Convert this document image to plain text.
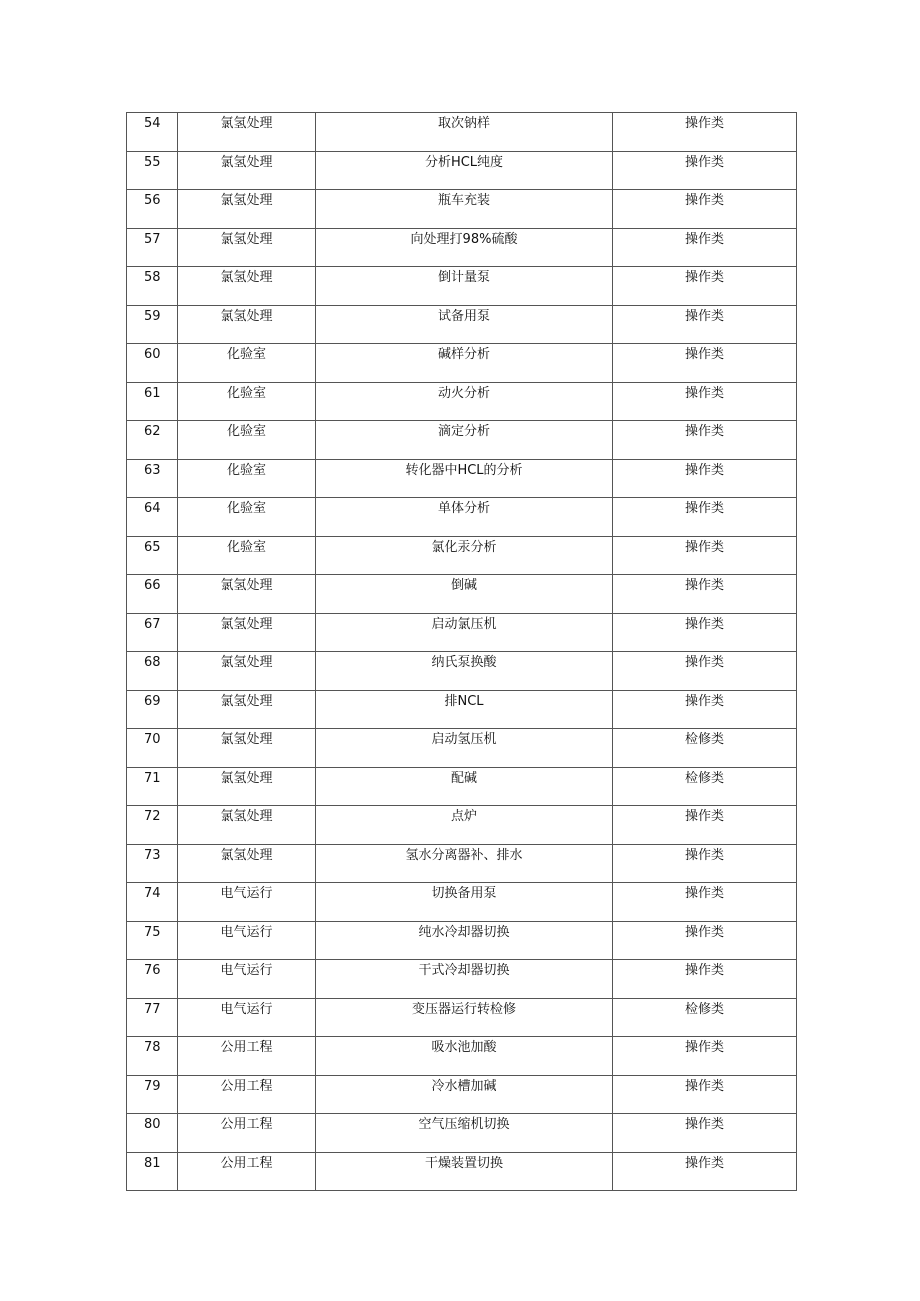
54	氯氢处理	取次钠样	操作类

55	氯氢处理	分析HCL纯度	操作类

56	氯氢处理	瓶车充装	操作类

57	氯氢处理	向处理打98%硫酸	操作类

58	氯氢处理	倒计量泵	操作类

59	氯氢处理	试备用泵	操作类

60	化验室	碱样分析	操作类

61	化验室	动火分析	操作类

62	化验室	滴定分析	操作类

63	化验室	转化器中HCL的分析	操作类

64	化验室	单体分析	操作类

65	化验室	氯化汞分析	操作类

66	氯氢处理	倒碱	操作类

67	氯氢处理	启动氯压机	操作类

68	氯氢处理	纳氏泵换酸	操作类

69	氯氢处理	排NCL	操作类

70	氯氢处理	启动氢压机	检修类

71	氯氢处理	配碱	检修类

72	氯氢处理	点炉	操作类

73	氯氢处理	氢水分离器补、排水	操作类

74	电气运行	切换备用泵	操作类

75	电气运行	纯水冷却器切换	操作类

76	电气运行	干式冷却器切换	操作类

77	电气运行	变压器运行转检修	检修类

78	公用工程	吸水池加酸	操作类

79	公用工程	冷水槽加碱	操作类

80	公用工程	空气压缩机切换	操作类

81	公用工程	干燥装置切换	操作类
